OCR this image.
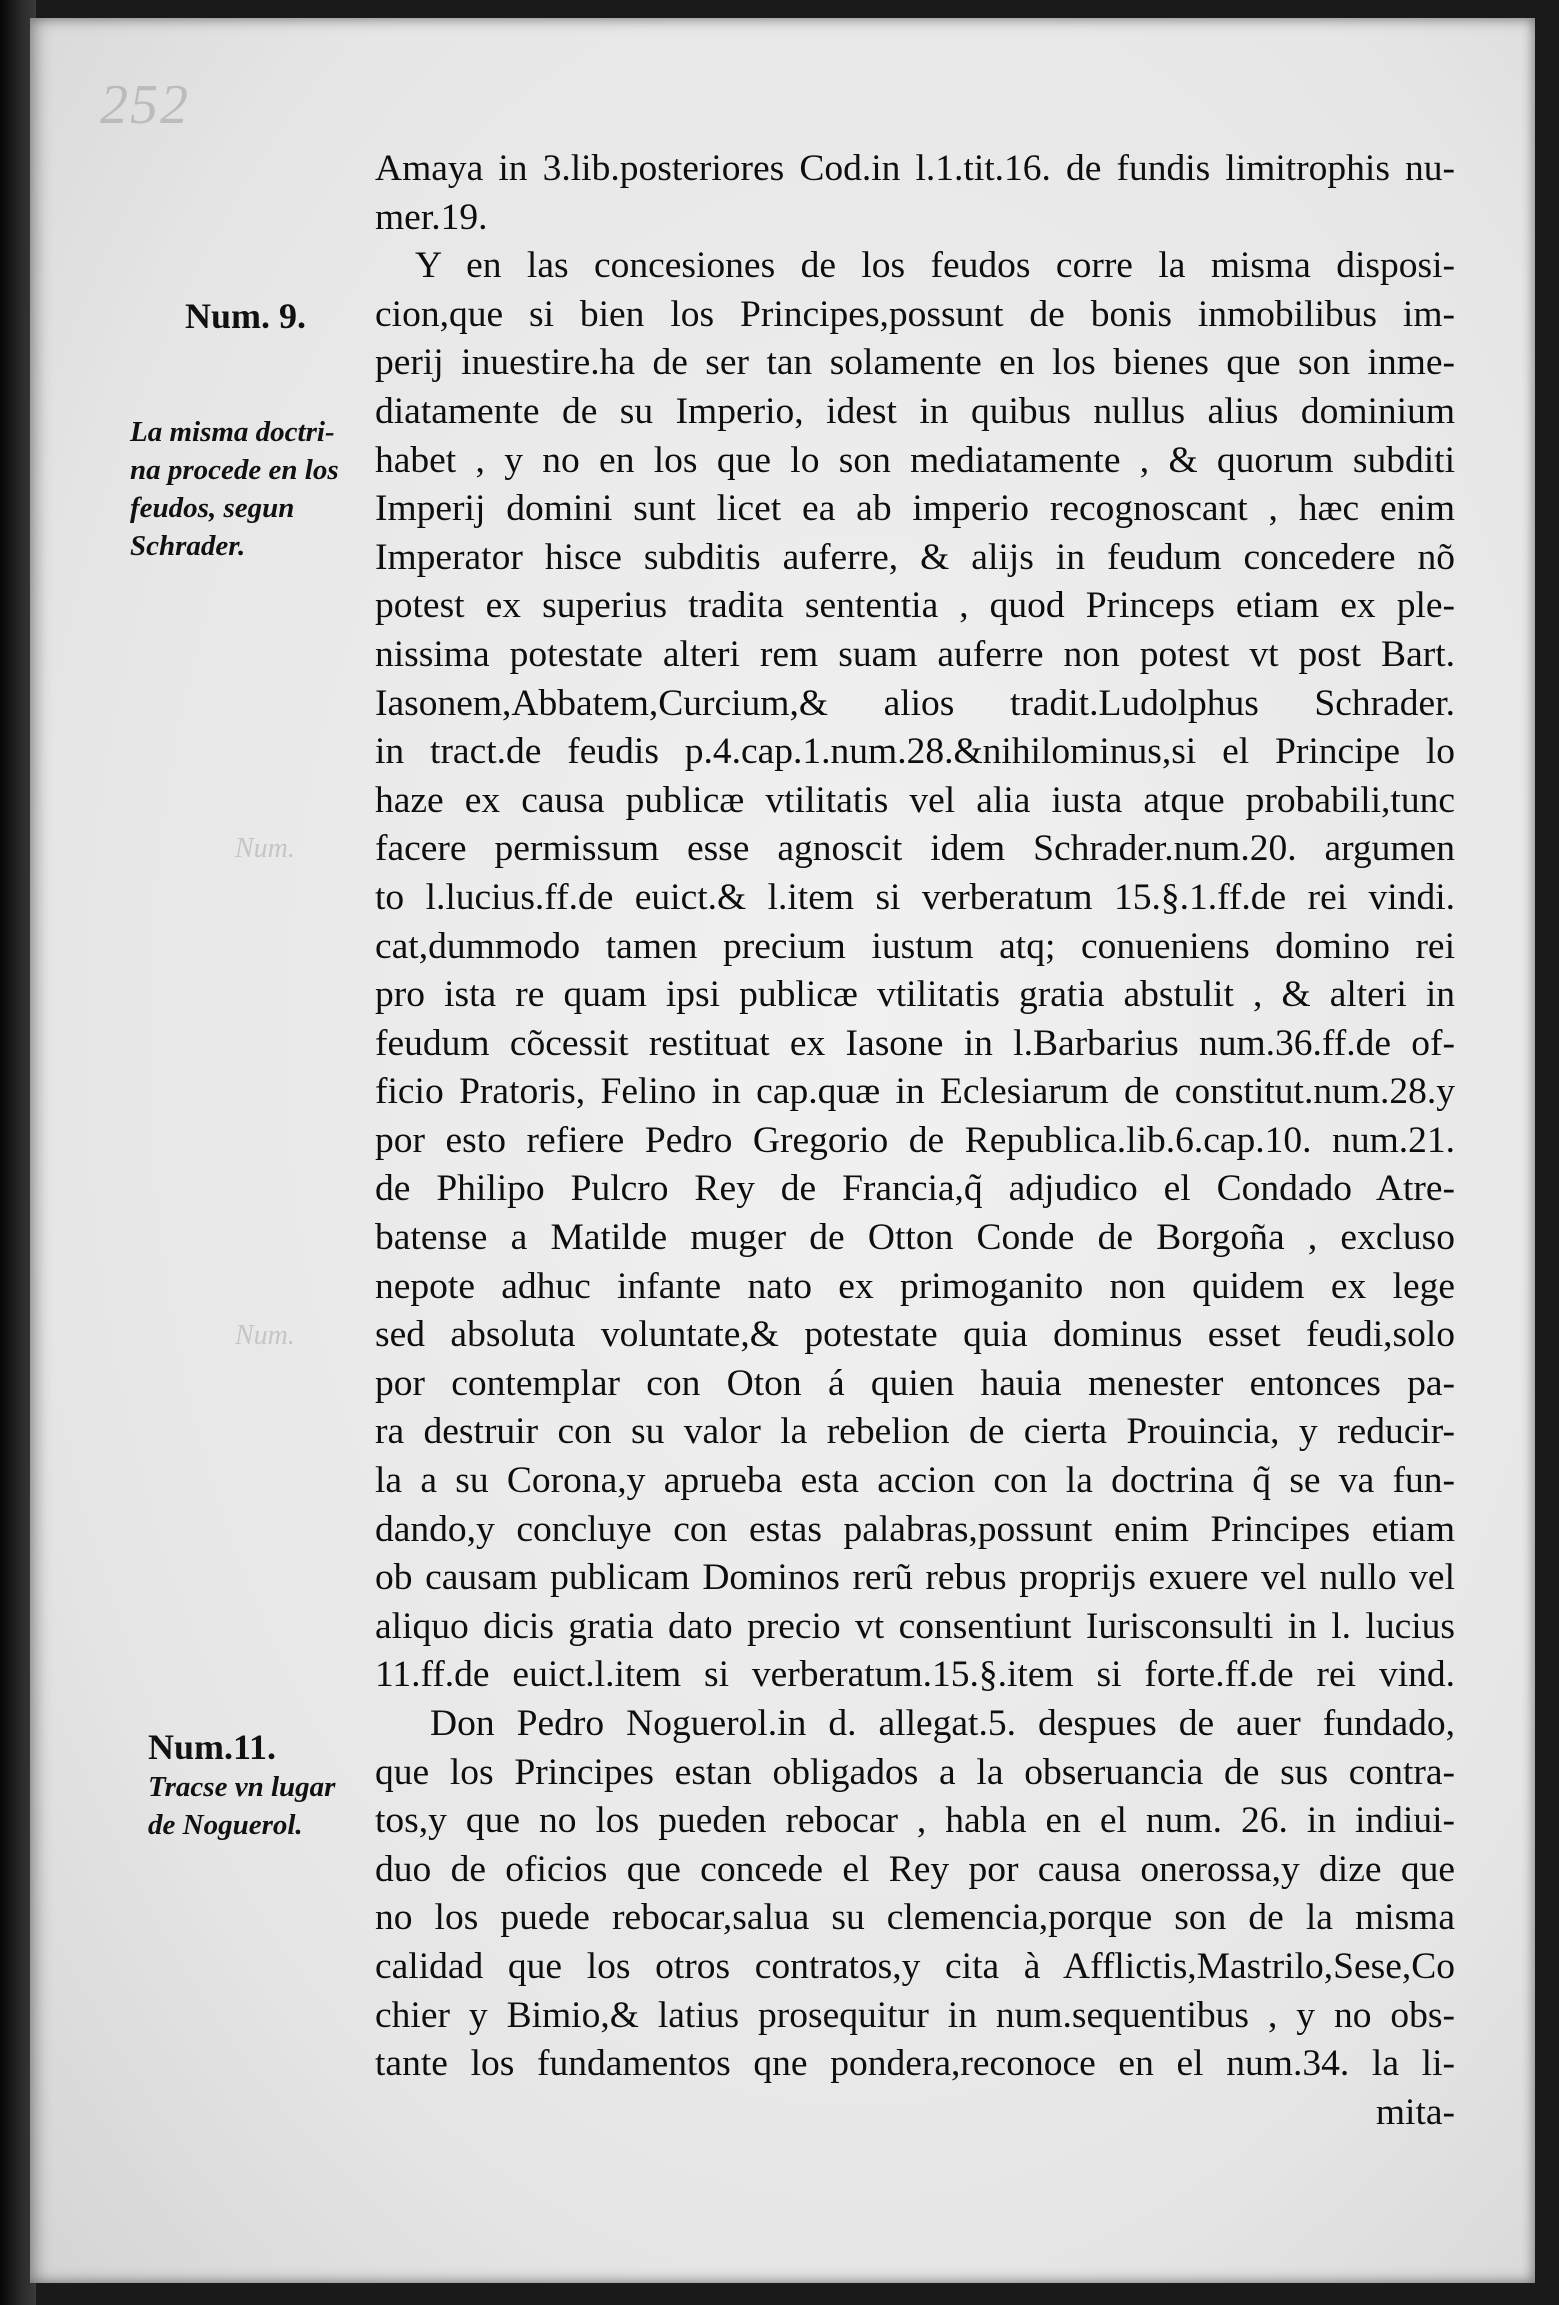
252
Num.
Num.
Num. 9.
La misma doctri-
na procede en los
feudos, segun
Schrader.
Num.11.
Tracse vn lugar
de Noguerol.
Amaya in 3.lib.posteriores Cod.in l.1.tit.16. de fundis limitrophis nu-
mer.19.
Y en las concesiones de los feudos corre la misma disposi-
cion,que si bien los Principes,possunt de bonis inmobilibus im-
perij inuestire.ha de ser tan solamente en los bienes que son inme-
diatamente de su Imperio, idest in quibus nullus alius dominium
habet , y no en los que lo son mediatamente , & quorum subditi
Imperij domini sunt licet ea ab imperio recognoscant , hæc enim
Imperator hisce subditis auferre, & alijs in feudum concedere nõ
potest ex superius tradita sententia , quod Princeps etiam ex ple-
nissima potestate alteri rem suam auferre non potest vt post Bart.
Iasonem,Abbatem,Curcium,& alios tradit.Ludolphus Schrader.
in tract.de feudis p.4.cap.1.num.28.&nihilominus,si el Principe lo
haze ex causa publicæ vtilitatis vel alia iusta atque probabili,tunc
facere permissum esse agnoscit idem Schrader.num.20. argumen
to l.lucius.ff.de euict.& l.item si verberatum 15.§.1.ff.de rei vindi.
cat,dummodo tamen precium iustum atq; conueniens domino rei
pro ista re quam ipsi publicæ vtilitatis gratia abstulit , & alteri in
feudum cõcessit restituat ex Iasone in l.Barbarius num.36.ff.de of-
ficio Pratoris, Felino in cap.quæ in Eclesiarum de constitut.num.28.y
por esto refiere Pedro Gregorio de Republica.lib.6.cap.10. num.21.
de Philipo Pulcro Rey de Francia,q̃ adjudico el Condado Atre-
batense a Matilde muger de Otton Conde de Borgoña , excluso
nepote adhuc infante nato ex primoganito non quidem ex lege
sed absoluta voluntate,& potestate quia dominus esset feudi,solo
por contemplar con Oton á quien hauia menester entonces pa-
ra destruir con su valor la rebelion de cierta Prouincia, y reducir-
la a su Corona,y aprueba esta accion con la doctrina q̃ se va fun-
dando,y concluye con estas palabras,possunt enim Principes etiam
ob causam publicam Dominos rerũ rebus proprijs exuere vel nullo vel
aliquo dicis gratia dato precio vt consentiunt Iurisconsulti in l. lucius
11.ff.de euict.l.item si verberatum.15.§.item si forte.ff.de rei vind.
Don Pedro Noguerol.in d. allegat.5. despues de auer fundado,
que los Principes estan obligados a la obseruancia de sus contra-
tos,y que no los pueden rebocar , habla en el num. 26. in indiui-
duo de oficios que concede el Rey por causa onerossa,y dize que
no los puede rebocar,salua su clemencia,porque son de la misma
calidad que los otros contratos,y cita à Afflictis,Mastrilo,Sese,Co
chier y Bimio,& latius prosequitur in num.sequentibus , y no obs-
tante los fundamentos qne pondera,reconoce en el num.34. la li-
mita-
